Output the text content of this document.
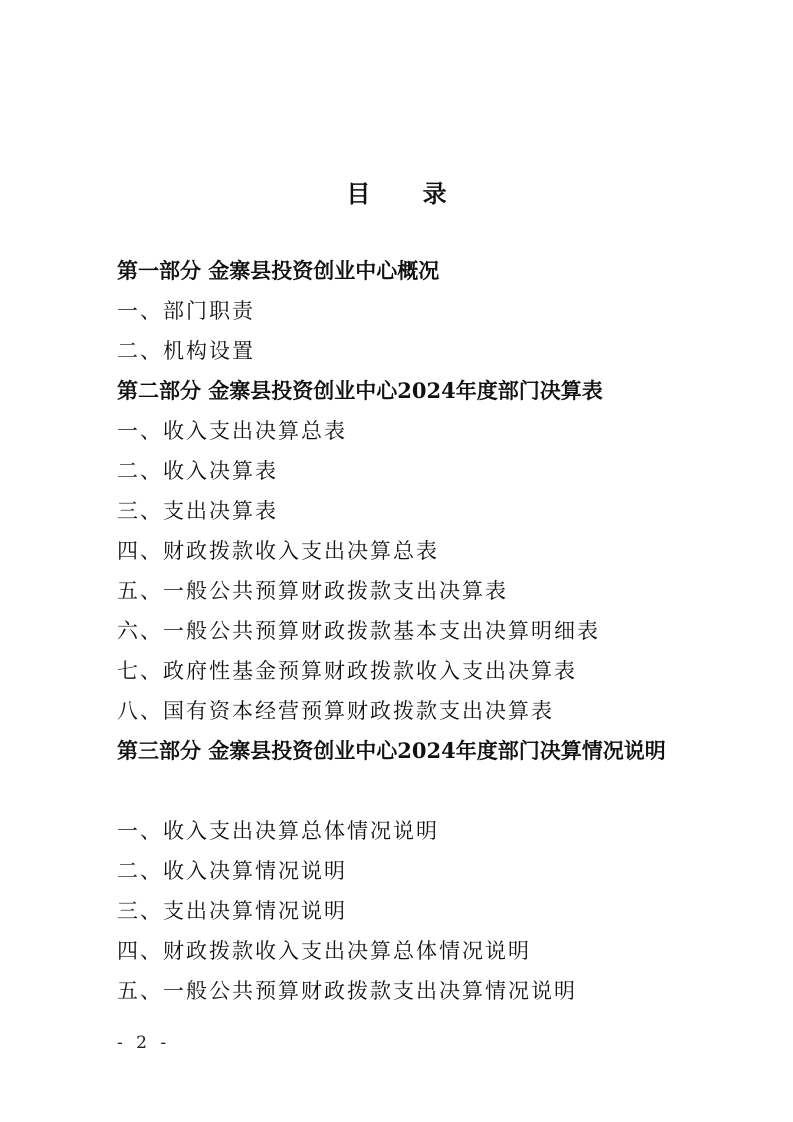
目 录
第一部分 金寨县投资创业中心概况
一、部门职责
二、机构设置
第二部分 金寨县投资创业中心2024年度部门决算表
一、收入支出决算总表
二、收入决算表
三、支出决算表
四、财政拨款收入支出决算总表
五、一般公共预算财政拨款支出决算表
六、一般公共预算财政拨款基本支出决算明细表
七、政府性基金预算财政拨款收入支出决算表
八、国有资本经营预算财政拨款支出决算表
第三部分 金寨县投资创业中心2024年度部门决算情况说明
一、收入支出决算总体情况说明
二、收入决算情况说明
三、支出决算情况说明
四、财政拨款收入支出决算总体情况说明
五、一般公共预算财政拨款支出决算情况说明
- 2 -
